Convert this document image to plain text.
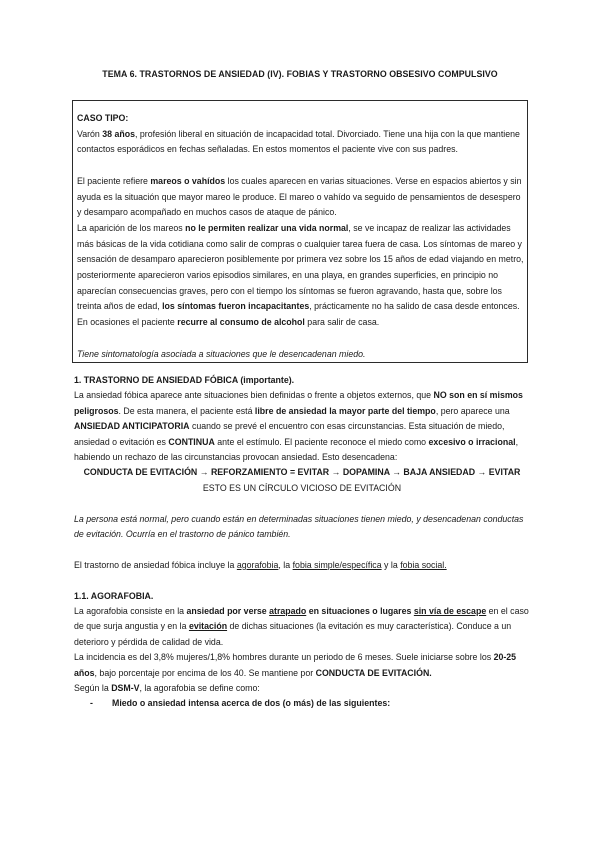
TEMA 6. TRASTORNOS DE ANSIEDAD (IV). FOBIAS Y TRASTORNO OBSESIVO COMPULSIVO

CASO TIPO:

Varón 38 años, profesión liberal en situación de incapacidad total. Divorciado. Tiene una hija con la que mantiene contactos esporádicos en fechas señaladas. En estos momentos el paciente vive con sus padres.

El paciente refiere mareos o vahídos los cuales aparecen en varias situaciones. Verse en espacios abiertos y sin ayuda es la situación que mayor mareo le produce. El mareo o vahído va seguido de pensamientos de desespero y desamparo acompañado en muchos casos de ataque de pánico.

La aparición de los mareos no le permiten realizar una vida normal, se ve incapaz de realizar las actividades más básicas de la vida cotidiana como salir de compras o cualquier tarea fuera de casa. Los síntomas de mareo y sensación de desamparo aparecieron posiblemente por primera vez sobre los 15 años de edad viajando en metro, posteriormente aparecieron varios episodios similares, en una playa, en grandes superficies, en principio no aparecían consecuencias graves, pero con el tiempo los síntomas se fueron agravando, hasta que, sobre los treinta años de edad, los síntomas fueron incapacitantes, prácticamente no ha salido de casa desde entonces. En ocasiones el paciente recurre al consumo de alcohol para salir de casa.

Tiene sintomatología asociada a situaciones que le desencadenan miedo.

1. TRASTORNO DE ANSIEDAD FÓBICA (importante).

La ansiedad fóbica aparece ante situaciones bien definidas o frente a objetos externos, que NO son en sí mismos peligrosos. De esta manera, el paciente está libre de ansiedad la mayor parte del tiempo, pero aparece una ANSIEDAD ANTICIPATORIA cuando se prevé el encuentro con esas circunstancias. Esta situación de miedo, ansiedad o evitación es CONTINUA ante el estímulo. El paciente reconoce el miedo como excesivo o irracional, habiendo un rechazo de las circunstancias provocan ansiedad. Esto desencadena:

CONDUCTA DE EVITACIÓN → REFORZAMIENTO = EVITAR → DOPAMINA → BAJA ANSIEDAD → EVITAR

ESTO ES UN CÍRCULO VICIOSO DE EVITACIÓN

La persona está normal, pero cuando están en determinadas situaciones tienen miedo, y desencadenan conductas de evitación. Ocurría en el trastorno de pánico también.

El trastorno de ansiedad fóbica incluye la agorafobia, la fobia simple/específica y la fobia social.

1.1. AGORAFOBIA.

La agorafobia consiste en la ansiedad por verse atrapado en situaciones o lugares sin vía de escape en el caso de que surja angustia y en la evitación de dichas situaciones (la evitación es muy característica). Conduce a un deterioro y pérdida de calidad de vida.

La incidencia es del 3,8% mujeres/1,8% hombres durante un periodo de 6 meses. Suele iniciarse sobre los 20-25 años, bajo porcentaje por encima de los 40. Se mantiene por CONDUCTA DE EVITACIÓN.

Según la DSM-V, la agorafobia se define como:

-	Miedo o ansiedad intensa acerca de dos (o más) de las siguientes:
